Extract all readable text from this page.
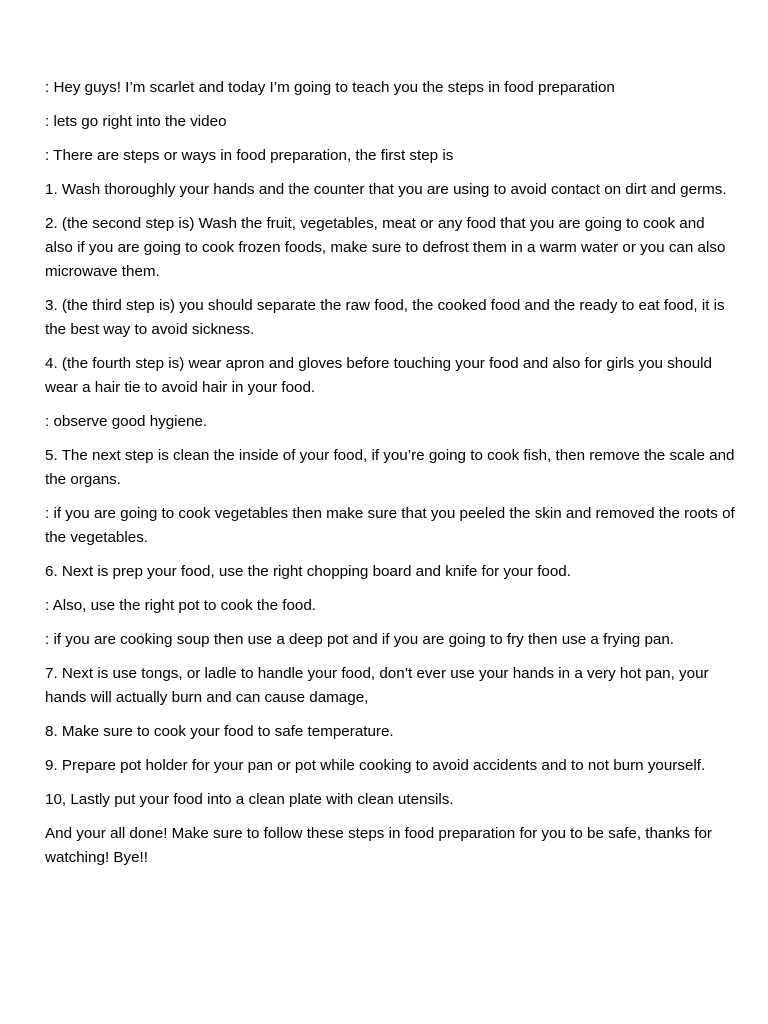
: Hey guys! I’m scarlet and today I’m going to teach you the steps in food preparation

: lets go right into the video

: There are steps or ways in food preparation, the first step is

1. Wash thoroughly your hands and the counter that you are using to avoid contact on dirt and germs.

2. (the second step is) Wash the fruit, vegetables, meat or any food that you are going to cook and also if you are going to cook frozen foods, make sure to defrost them in a warm water or you can also microwave them.

3. (the third step is) you should separate the raw food, the cooked food and the ready to eat food, it is the best way to avoid sickness.

4. (the fourth step is) wear apron and gloves before touching your food and also for girls you should wear a hair tie to avoid hair in your food.

: observe good hygiene.

5. The next step is clean the inside of your food, if you’re going to cook fish, then remove the scale and the organs.

: if you are going to cook vegetables then make sure that you peeled the skin and removed the roots of the vegetables.

6. Next is prep your food, use the right chopping board and knife for your food.

: Also, use the right pot to cook the food.

: if you are cooking soup then use a deep pot and if you are going to fry then use a frying pan.

7. Next is use tongs, or ladle to handle your food, don’t ever use your hands in a very hot pan, your hands will actually burn and can cause damage,

8. Make sure to cook your food to safe temperature.

9. Prepare pot holder for your pan or pot while cooking to avoid accidents and to not burn yourself.

10, Lastly put your food into a clean plate with clean utensils.

And your all done! Make sure to follow these steps in food preparation for you to be safe, thanks for watching! Bye!!
